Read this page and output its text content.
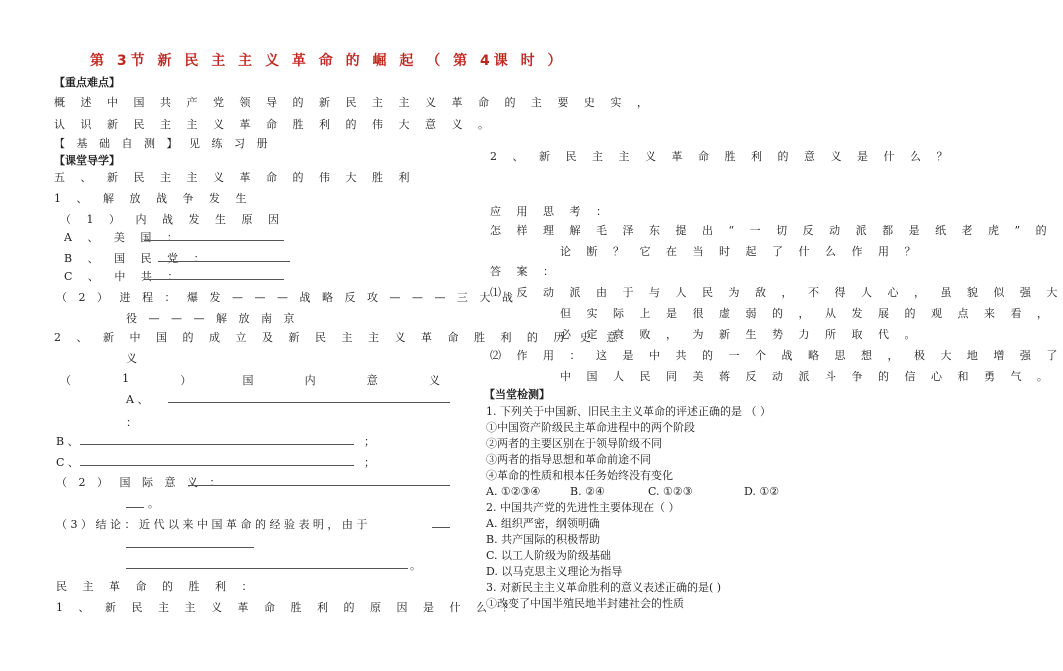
第 3节 新 民 主 主 义 革 命 的 崛 起 （ 第 4课 时 ）
【重点难点】
概 述 中 国 共 产 党 领 导 的 新 民 主 主 义 革 命 的 主 要 史 实 ，
认 识 新 民 主 主 义 革 命 胜 利 的 伟 大 意 义 。
【 基 础 自 测 】 见 练 习 册
【课堂导学】
五 、 新 民 主 主 义 革 命 的 伟 大 胜 利
1 、 解 放 战 争 发 生
（ 1 ） 内 战 发 生 原 因
A 、 美 国 ：
B 、 国 民 党 ：
C 、 中 共 ：
（ 2 ） 进 程 ： 爆 发 — — — 战 略 反 攻 — — — 三 大 战
役 — — — 解 放 南 京
2 、 新 中 国 的 成 立 及 新 民 主 主 义 革 命 胜 利 的 历 史 意
义
（	1	）	国	内	意	义
A 、
：
B 、	；
C 、	；
（ 2 ） 国 际 意 义 ：
。
（ 3 ） 结 论 ： 近 代 以 来 中 国 革 命 的 经 验 表 明 ， 由 于
。
民 主 革 命 的 胜 利 ：
1 、 新 民 主 主 义 革 命 胜 利 的 原 因 是 什 么 ？
2 、 新 民 主 主 义 革 命 胜 利 的 意 义 是 什 么 ？
应 用 思 考 ：
怎 样 理 解 毛 泽 东 提 出 “ 一 切 反 动 派 都 是 纸 老 虎 ” 的
论 断 ？ 它 在 当 时 起 了 什 么 作 用 ？
答 案 ：
⑴ 反 动 派 由 于 与 人 民 为 敌 ， 不 得 人 心 ， 虽 貌 似 强 大
但 实 际 上 是 很 虚 弱 的 ， 从 发 展 的 观 点 来 看 ，
必 定 衰 败 ， 为 新 生 势 力 所 取 代 。
⑵ 作 用 ： 这 是 中 共 的 一 个 战 略 思 想 ， 极 大 地 增 强 了
中 国 人 民 同 美 蒋 反 动 派 斗 争 的 信 心 和 勇 气 。
【当堂检测】
1. 下列关于中国新、旧民主主义革命的评述正确的是 （ ）
①中国资产阶级民主革命进程中的两个阶段
②两者的主要区别在于领导阶级不同
③两者的指导思想和革命前途不同
④革命的性质和根本任务始终没有变化
A. ①②③④	B. ②④	C. ①②③	D. ①②
2. 中国共产党的先进性主要体现在（ ）
A. 组织严密，纲领明确
B. 共产国际的积极帮助
C. 以工人阶级为阶级基础
D. 以马克思主义理论为指导
3. 对新民主主义革命胜利的意义表述正确的是( )
①改变了中国半殖民地半封建社会的性质
